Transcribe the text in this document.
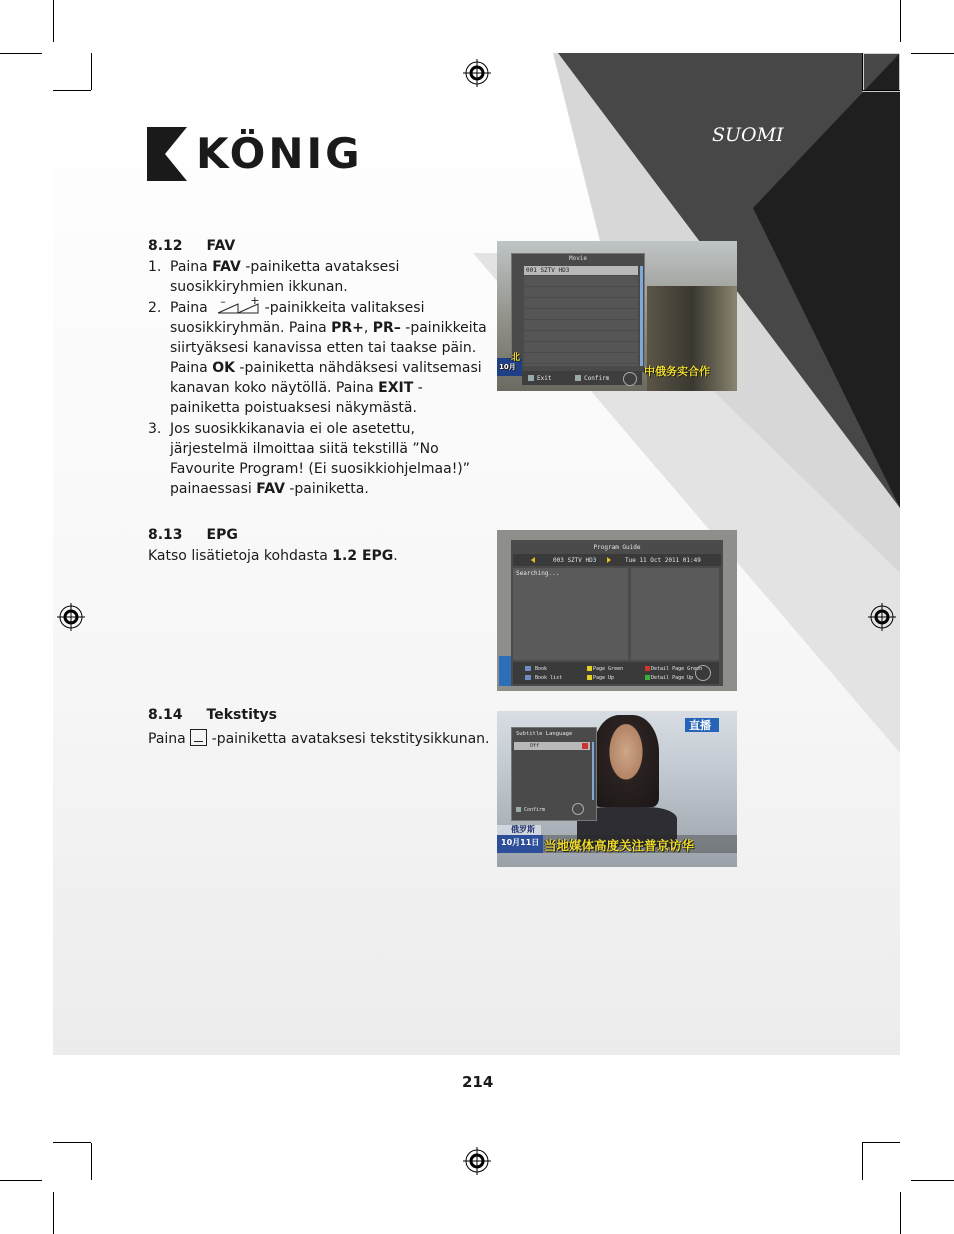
KÖNIG	SUOMI
8.12 FAV
1. Paina FAV -painiketta avataksesi
suosikkiryhmien ikkunan.
2. Paina – + -painikkeita valitaksesi
suosikkiryhmän. Paina PR+, PR– -painikkeita
siirtyäksesi kanavissa etten tai taakse päin.
Paina OK -painiketta nähdäksesi valitsemasi
kanavan koko näytöllä. Paina EXIT -
painiketta poistuaksesi näkymästä.
3. Jos suosikkikanavia ei ole asetettu,
järjestelmä ilmoittaa siitä tekstillä ”No
Favourite Program! (Ei suosikkiohjelmaa!)”
painaessasi FAV -painiketta.
Movie
001 SZTV HD3
北
10月
Exit	Confirm
中俄务实合作
8.13 EPG
Katso lisätietoja kohdasta 1.2 EPG.
Program Guide
003 SZTV HD3	Tue 11 Oct 2011 01:49
Searching...
Book	Page Green	Detail Page Green
Book list	Page Up	Detail Page Up
8.14 Tekstitys
Paina -painiketta avataksesi tekstitysikkunan.
直播
Subtitle Language
Off
Confirm
俄罗斯
10月11日 当地媒体高度关注普京访华
214
